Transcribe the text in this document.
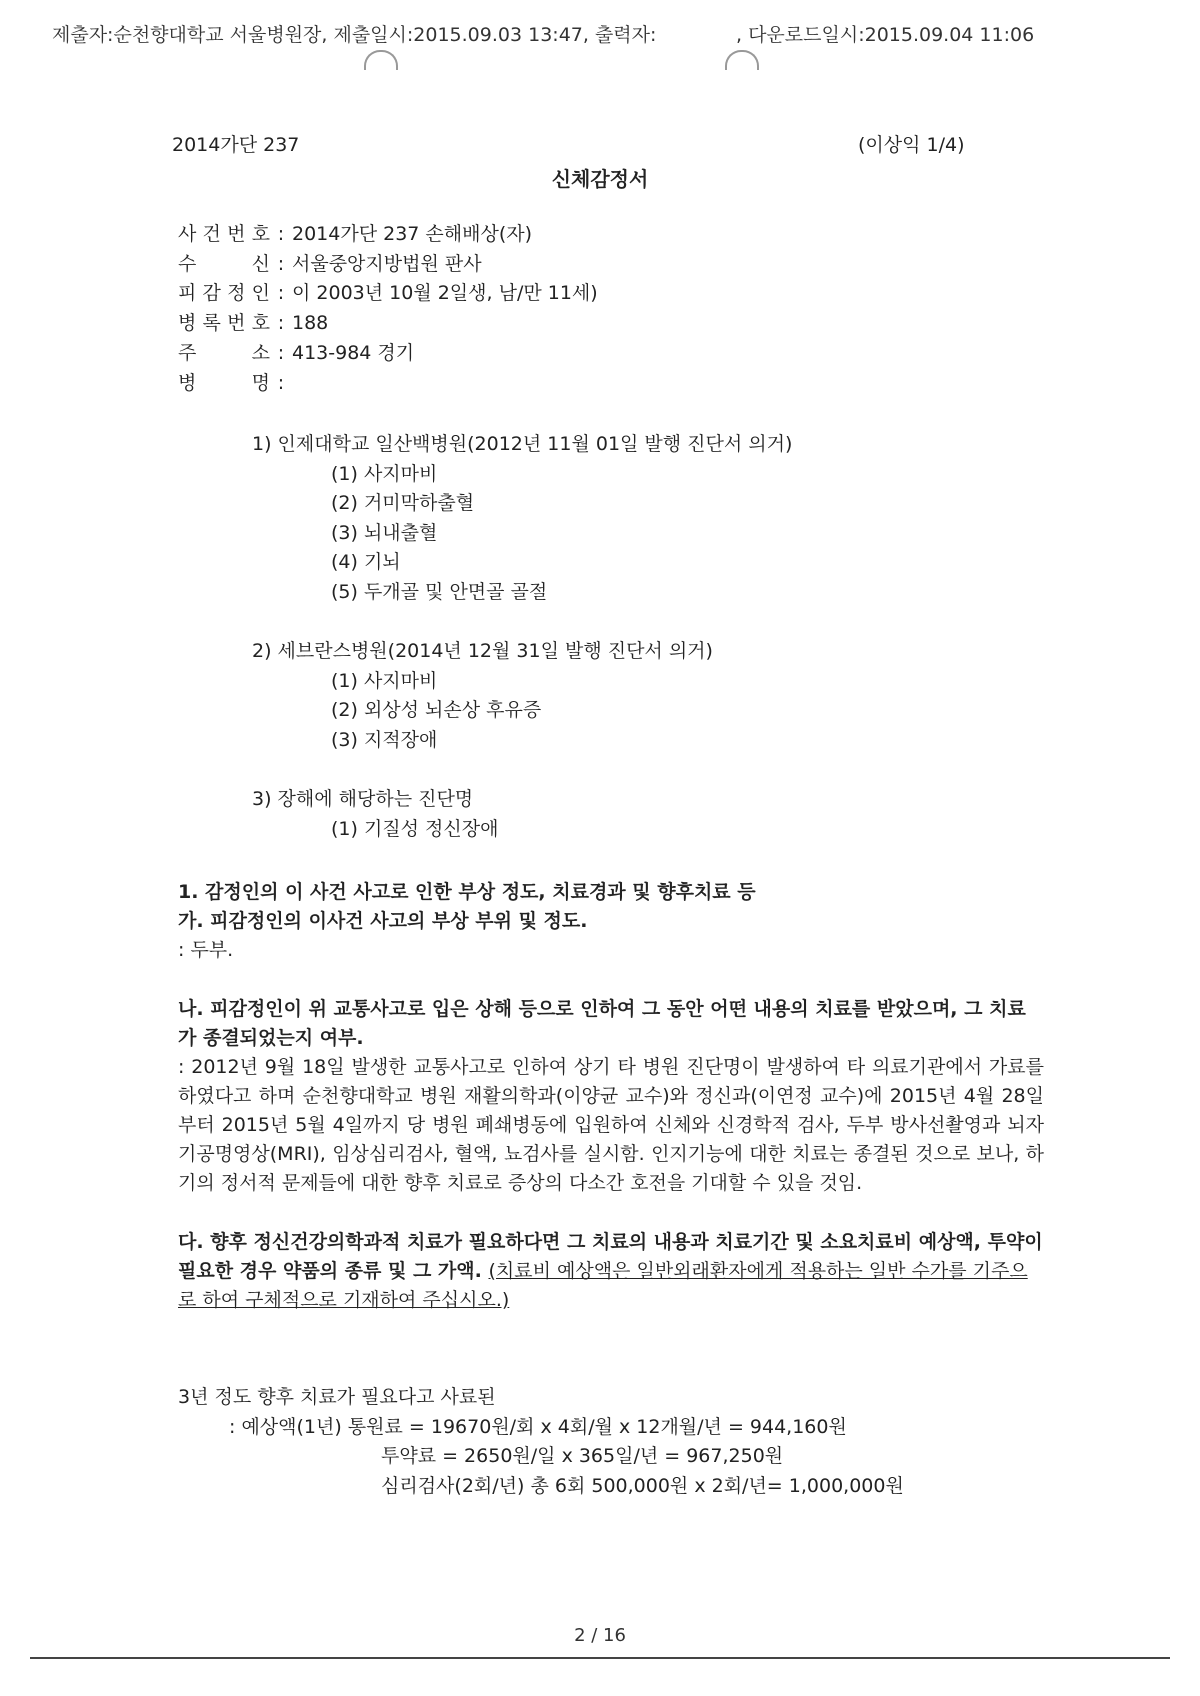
제출자:순천향대학교 서울병원장, 제출일시:2015.09.03 13:47, 출력자:	, 다운로드일시:2015.09.04 11:06
2014가단 237	(이상익 1/4)
신체감정서
사 건 번 호 : 2014가단 237 손해배상(자)
수	신 : 서울중앙지방법원 판사
피 감 정 인 : 이 2003년 10월 2일생, 남/만 11세)
병 록 번 호 : 188
주	소 : 413-984 경기
병	명 :
1) 인제대학교 일산백병원(2012년 11월 01일 발행 진단서 의거)
(1) 사지마비
(2) 거미막하출혈
(3) 뇌내출혈
(4) 기뇌
(5) 두개골 및 안면골 골절
2) 세브란스병원(2014년 12월 31일 발행 진단서 의거)
(1) 사지마비
(2) 외상성 뇌손상 후유증
(3) 지적장애
3) 장해에 해당하는 진단명
(1) 기질성 정신장애
1. 감정인의 이 사건 사고로 인한 부상 정도, 치료경과 및 향후치료 등
가. 피감정인의 이사건 사고의 부상 부위 및 정도.

: 두부.

나. 피감정인이 위 교통사고로 입은 상해 등으로 인하여 그 동안 어떤 내용의 치료를 받았으며, 그 치료가 종결되었는지 여부.

: 2012년 9월 18일 발생한 교통사고로 인하여 상기 타 병원 진단명이 발생하여 타 의료기관에서 가료를 하였다고 하며 순천향대학교 병원 재활의학과(이양균 교수)와 정신과(이연정 교수)에 2015년 4월 28일부터 2015년 5월 4일까지 당 병원 폐쇄병동에 입원하여 신체와 신경학적 검사, 두부 방사선촬영과 뇌자기공명영상(MRI), 임상심리검사, 혈액, 뇨검사를 실시함. 인지기능에 대한 치료는 종결된 것으로 보나, 하기의 정서적 문제들에 대한 향후 치료로 증상의 다소간 호전을 기대할 수 있을 것임.

다. 향후 정신건강의학과적 치료가 필요하다면 그 치료의 내용과 치료기간 및 소요치료비 예상액, 투약이 필요한 경우 약품의 종류 및 그 가액. (치료비 예상액은 일반외래환자에게 적용하는 일반 수가를 기주으로 하여 구체적으로 기재하여 주십시오.)
3년 정도 향후 치료가 필요다고 사료된
: 예상액(1년) 통원료 = 19670원/회 x 4회/월 x 12개월/년 = 944,160원
투약료 = 2650원/일 x 365일/년 = 967,250원
심리검사(2회/년) 총 6회 500,000원 x 2회/년= 1,000,000원
2 / 16
